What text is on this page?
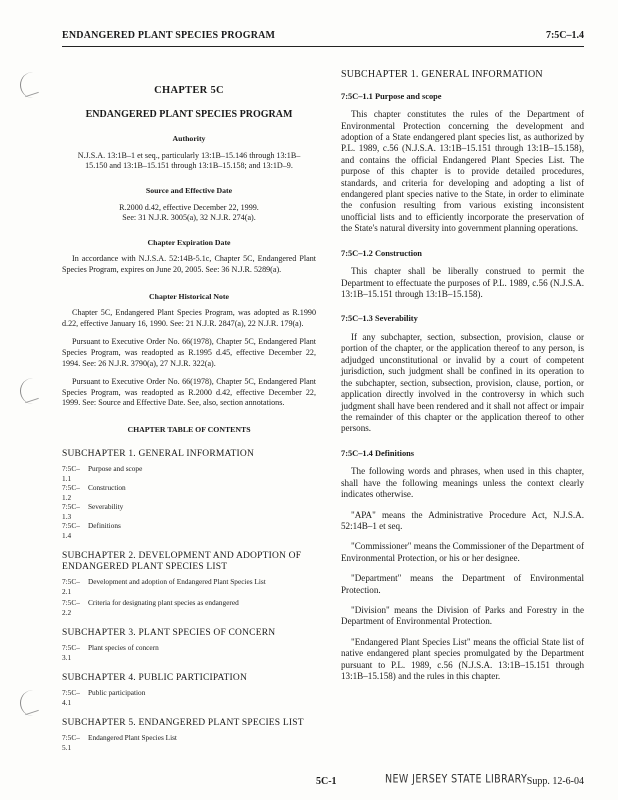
ENDANGERED PLANT SPECIES PROGRAM	7:5C–1.4

CHAPTER 5C

ENDANGERED PLANT SPECIES PROGRAM

Authority

N.J.S.A. 13:1B–1 et seq., particularly 13:1B–15.146 through 13:1B–15.150 and 13:1B–15.151 through 13:1B–15.158; and 13:1D–9.

Source and Effective Date

R.2000 d.42, effective December 22, 1999.

See: 31 N.J.R. 3005(a), 32 N.J.R. 274(a).

Chapter Expiration Date

In accordance with N.J.S.A. 52:14B-5.1c, Chapter 5C, Endangered Plant Species Program, expires on June 20, 2005. See: 36 N.J.R. 5289(a).

Chapter Historical Note

Chapter 5C, Endangered Plant Species Program, was adopted as R.1990 d.22, effective January 16, 1990. See: 21 N.J.R. 2847(a), 22 N.J.R. 179(a).

Pursuant to Executive Order No. 66(1978), Chapter 5C, Endangered Plant Species Program, was readopted as R.1995 d.45, effective December 22, 1994. See: 26 N.J.R. 3790(a), 27 N.J.R. 322(a).

Pursuant to Executive Order No. 66(1978), Chapter 5C, Endangered Plant Species Program, was readopted as R.2000 d.42, effective December 22, 1999. See: Source and Effective Date. See, also, section annotations.

CHAPTER TABLE OF CONTENTS

SUBCHAPTER 1. GENERAL INFORMATION

7:5C–1.1
Purpose and scope
7:5C–1.2
Construction
7:5C–1.3
Severability
7:5C–1.4
Definitions

SUBCHAPTER 2. DEVELOPMENT AND ADOPTION OF ENDANGERED PLANT SPECIES LIST

7:5C–2.1
Development and adoption of Endangered Plant Species List
7:5C–2.2
Criteria for designating plant species as endangered

SUBCHAPTER 3. PLANT SPECIES OF CONCERN

7:5C–3.1
Plant species of concern

SUBCHAPTER 4. PUBLIC PARTICIPATION

7:5C–4.1
Public participation

SUBCHAPTER 5. ENDANGERED PLANT SPECIES LIST

7:5C–5.1
Endangered Plant Species List

SUBCHAPTER 1. GENERAL INFORMATION

7:5C–1.1 Purpose and scope

This chapter constitutes the rules of the Department of Environmental Protection concerning the development and adoption of a State endangered plant species list, as authorized by P.L. 1989, c.56 (N.J.S.A. 13:1B–15.151 through 13:1B–15.158), and contains the official Endangered Plant Species List. The purpose of this chapter is to provide detailed procedures, standards, and criteria for developing and adopting a list of endangered plant species native to the State, in order to eliminate the confusion resulting from various existing inconsistent unofficial lists and to efficiently incorporate the preservation of the State's natural diversity into government planning operations.

7:5C–1.2 Construction

This chapter shall be liberally construed to permit the Department to effectuate the purposes of P.L. 1989, c.56 (N.J.S.A. 13:1B–15.151 through 13:1B–15.158).

7:5C–1.3 Severability

If any subchapter, section, subsection, provision, clause or portion of the chapter, or the application thereof to any person, is adjudged unconstitutional or invalid by a court of competent jurisdiction, such judgment shall be confined in its operation to the subchapter, section, subsection, provision, clause, portion, or application directly involved in the controversy in which such judgment shall have been rendered and it shall not affect or impair the remainder of this chapter or the application thereof to other persons.

7:5C–1.4 Definitions

The following words and phrases, when used in this chapter, shall have the following meanings unless the context clearly indicates otherwise.

"APA" means the Administrative Procedure Act, N.J.S.A. 52:14B–1 et seq.

"Commissioner" means the Commissioner of the Department of Environmental Protection, or his or her designee.

"Department" means the Department of Environmental Protection.

"Division" means the Division of Parks and Forestry in the Department of Environmental Protection.

"Endangered Plant Species List" means the official State list of native endangered plant species promulgated by the Department pursuant to P.L. 1989, c.56 (N.J.S.A. 13:1B–15.151 through 13:1B–15.158) and the rules in this chapter.

5C-1	NEW JERSEY STATE LIBRARY Supp. 12-6-04
